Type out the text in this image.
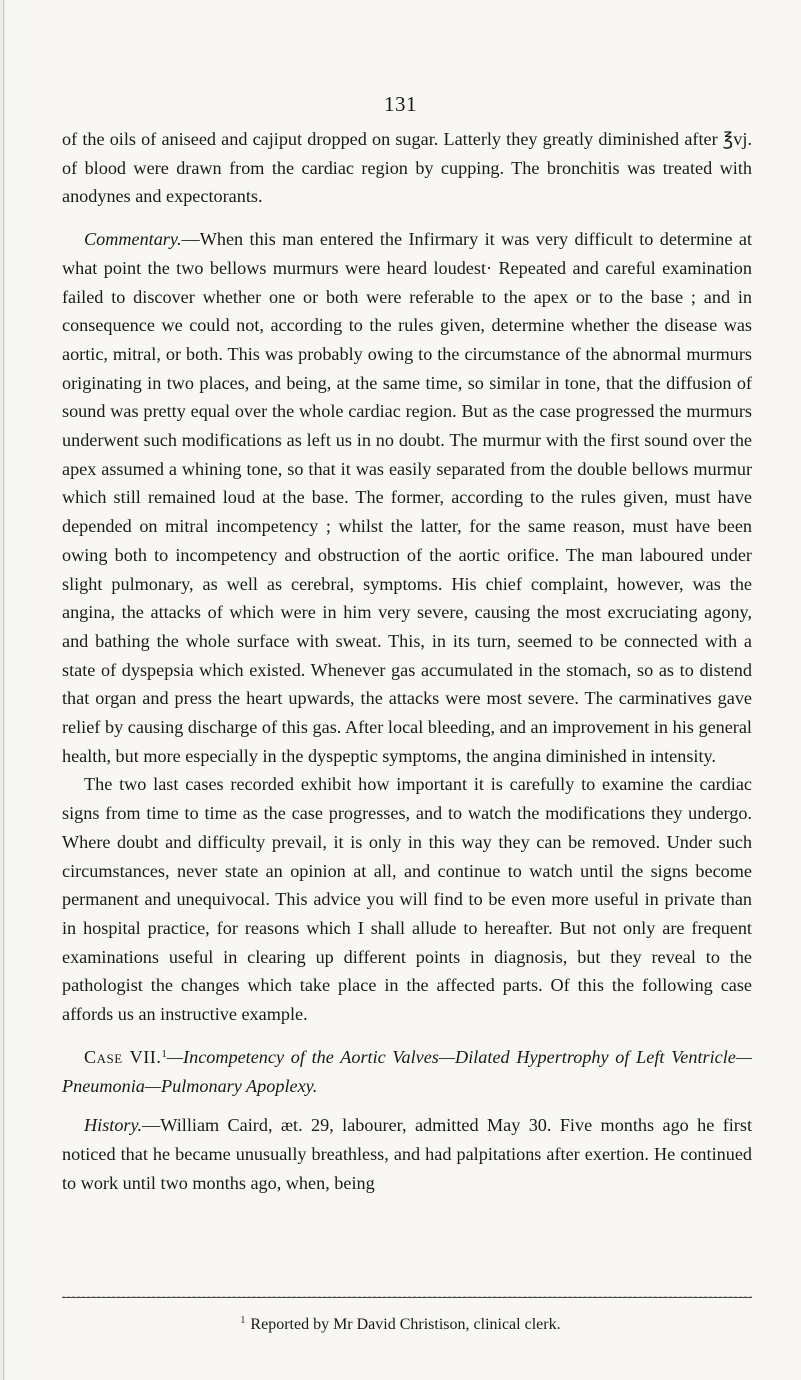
131

of the oils of aniseed and cajiput dropped on sugar. Latterly they greatly diminished after ℥vj. of blood were drawn from the cardiac region by cupping. The bronchitis was treated with anodynes and expectorants.

Commentary.—When this man entered the Infirmary it was very difficult to determine at what point the two bellows murmurs were heard loudest· Repeated and careful examination failed to discover whether one or both were referable to the apex or to the base ; and in consequence we could not, according to the rules given, determine whether the disease was aortic, mitral, or both. This was probably owing to the circumstance of the abnormal murmurs originating in two places, and being, at the same time, so similar in tone, that the diffusion of sound was pretty equal over the whole cardiac region. But as the case progressed the murmurs underwent such modifications as left us in no doubt. The murmur with the first sound over the apex assumed a whining tone, so that it was easily separated from the double bellows murmur which still remained loud at the base. The former, according to the rules given, must have depended on mitral incompetency ; whilst the latter, for the same reason, must have been owing both to incompetency and obstruction of the aortic orifice. The man laboured under slight pulmonary, as well as cerebral, symptoms. His chief complaint, however, was the angina, the attacks of which were in him very severe, causing the most excruciating agony, and bathing the whole surface with sweat. This, in its turn, seemed to be connected with a state of dyspepsia which existed. Whenever gas accumulated in the stomach, so as to distend that organ and press the heart upwards, the attacks were most severe. The carminatives gave relief by causing discharge of this gas. After local bleeding, and an improvement in his general health, but more especially in the dyspeptic symptoms, the angina diminished in intensity.

The two last cases recorded exhibit how important it is carefully to examine the cardiac signs from time to time as the case progresses, and to watch the modifications they undergo. Where doubt and difficulty prevail, it is only in this way they can be removed. Under such circumstances, never state an opinion at all, and continue to watch until the signs become permanent and unequivocal. This advice you will find to be even more useful in private than in hospital practice, for reasons which I shall allude to hereafter. But not only are frequent examinations useful in clearing up different points in diagnosis, but they reveal to the pathologist the changes which take place in the affected parts. Of this the following case affords us an instructive example.

Case VII.$^1$—Incompetency of the Aortic Valves—Dilated Hypertrophy of Left Ventricle—Pneumonia—Pulmonary Apoplexy.

History.—William Caird, æt. 29, labourer, admitted May 30. Five months ago he first noticed that he became unusually breathless, and had palpitations after exertion. He continued to work until two months ago, when, being

$^1$ Reported by Mr David Christison, clinical clerk.
